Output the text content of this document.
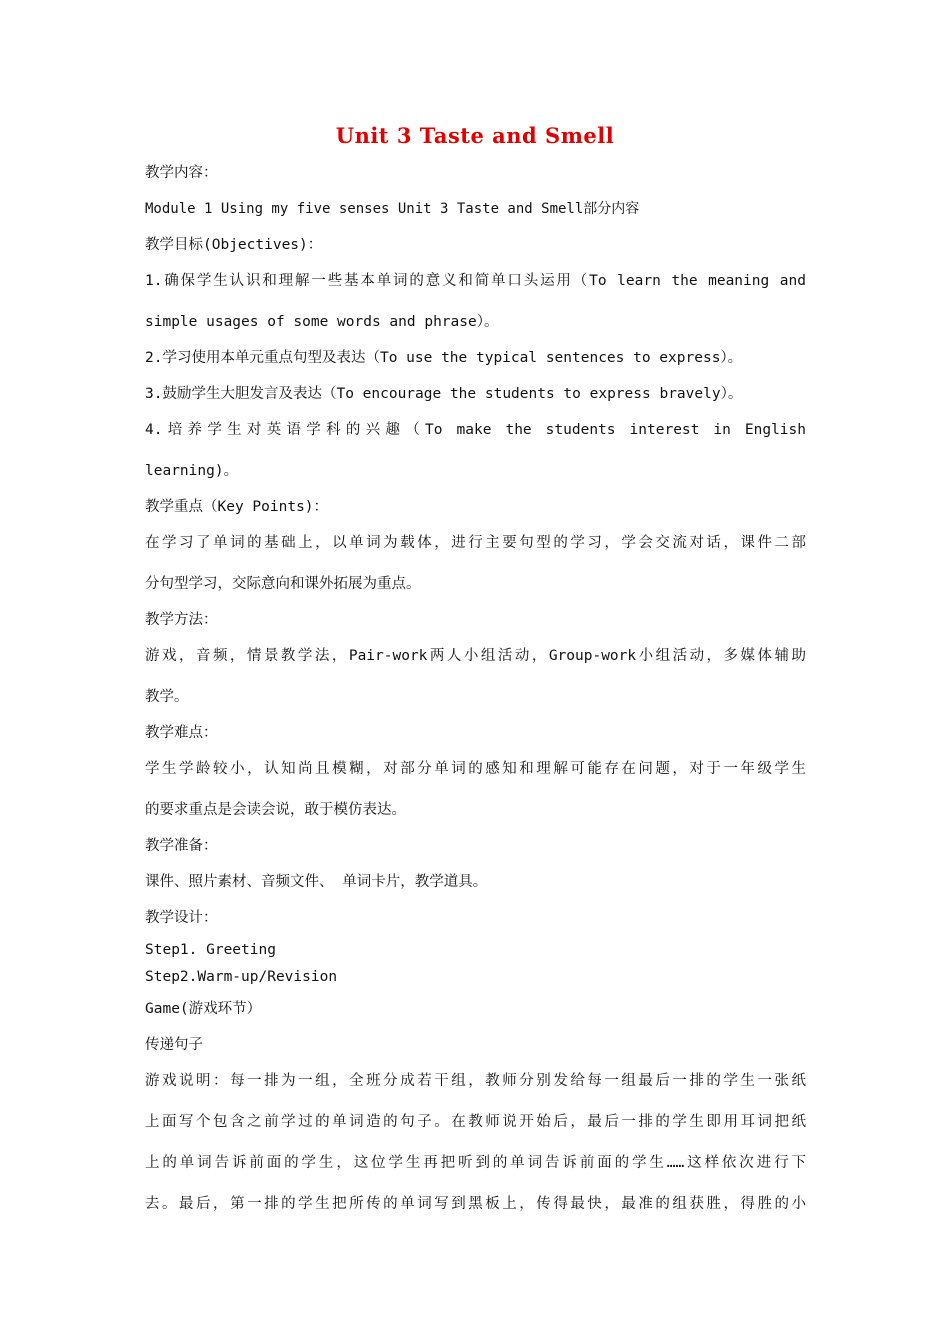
Unit 3 Taste and Smell
教学内容：
Module 1 Using my five senses Unit 3 Taste and Smell部分内容
教学目标(Objectives)：
1.确保学生认识和理解一些基本单词的意义和简单口头运用（To learn the meaning and
simple usages of some words and phrase）。
2.学习使用本单元重点句型及表达（To use the typical sentences to express）。
3.鼓励学生大胆发言及表达（To encourage the students to express bravely）。
4.培养学生对英语学科的兴趣（To make the students interest in English
learning)。
教学重点（Key Points)：
在学习了单词的基础上，以单词为载体，进行主要句型的学习，学会交流对话，课件二部
分句型学习，交际意向和课外拓展为重点。
教学方法：
游戏，音频，情景教学法，Pair-work两人小组活动，Group-work小组活动，多媒体辅助
教学。
教学难点：
学生学龄较小，认知尚且模糊，对部分单词的感知和理解可能存在问题，对于一年级学生
的要求重点是会读会说，敢于模仿表达。
教学准备：
课件、照片素材、音频文件、 单词卡片，教学道具。
教学设计：
Step1. Greeting
Step2.Warm-up/Revision
Game(游戏环节）
传递句子
游戏说明：每一排为一组，全班分成若干组，教师分别发给每一组最后一排的学生一张纸
上面写个包含之前学过的单词造的句子。在教师说开始后，最后一排的学生即用耳词把纸
上的单词告诉前面的学生，这位学生再把听到的单词告诉前面的学生……这样依次进行下
去。最后，第一排的学生把所传的单词写到黑板上，传得最快，最准的组获胜，得胜的小
